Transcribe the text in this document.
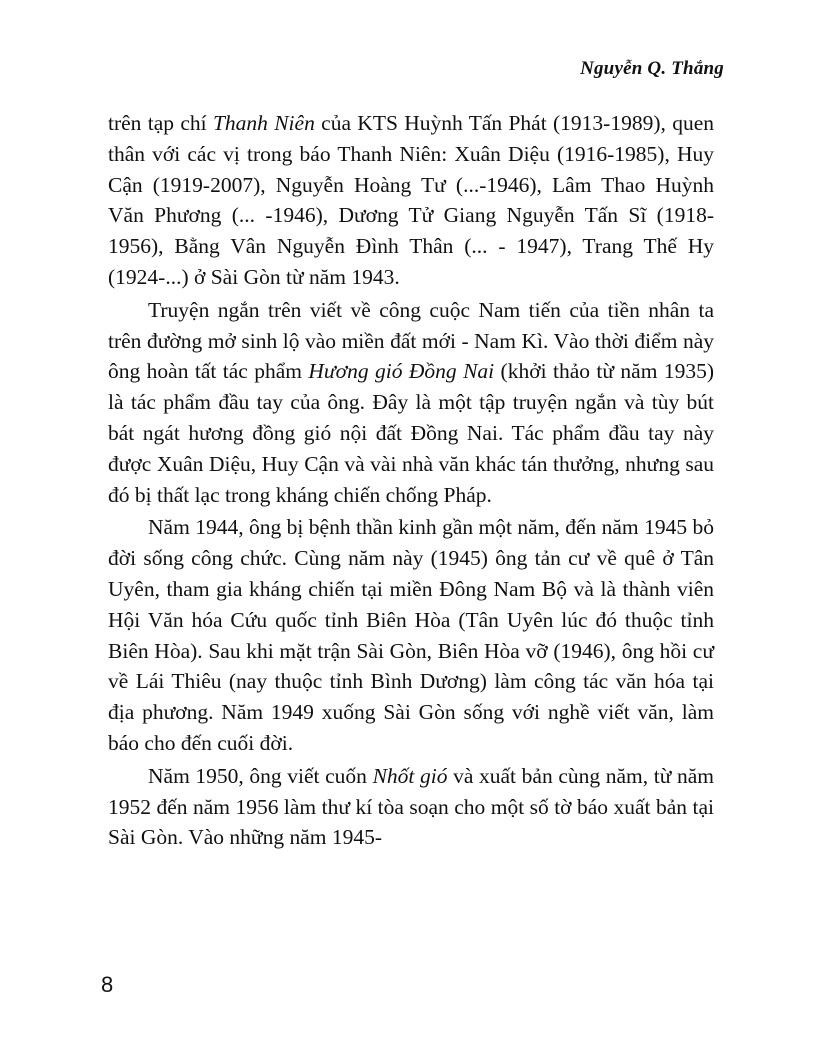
Nguyễn Q. Thắng

trên tạp chí Thanh Niên của KTS Huỳnh Tấn Phát (1913-1989), quen thân với các vị trong báo Thanh Niên: Xuân Diệu (1916-1985), Huy Cận (1919-2007), Nguyễn Hoàng Tư (...-1946), Lâm Thao Huỳnh Văn Phương (... -1946), Dương Tử Giang Nguyễn Tấn Sĩ (1918-1956), Bằng Vân Nguyễn Đình Thân (... - 1947), Trang Thế Hy (1924-...) ở Sài Gòn từ năm 1943.

Truyện ngắn trên viết về công cuộc Nam tiến của tiền nhân ta trên đường mở sinh lộ vào miền đất mới - Nam Kì. Vào thời điểm này ông hoàn tất tác phẩm Hương gió Đồng Nai (khởi thảo từ năm 1935) là tác phẩm đầu tay của ông. Đây là một tập truyện ngắn và tùy bút bát ngát hương đồng gió nội đất Đồng Nai. Tác phẩm đầu tay này được Xuân Diệu, Huy Cận và vài nhà văn khác tán thưởng, nhưng sau đó bị thất lạc trong kháng chiến chống Pháp.

Năm 1944, ông bị bệnh thần kinh gần một năm, đến năm 1945 bỏ đời sống công chức. Cùng năm này (1945) ông tản cư về quê ở Tân Uyên, tham gia kháng chiến tại miền Đông Nam Bộ và là thành viên Hội Văn hóa Cứu quốc tỉnh Biên Hòa (Tân Uyên lúc đó thuộc tỉnh Biên Hòa). Sau khi mặt trận Sài Gòn, Biên Hòa vỡ (1946), ông hồi cư về Lái Thiêu (nay thuộc tỉnh Bình Dương) làm công tác văn hóa tại địa phương. Năm 1949 xuống Sài Gòn sống với nghề viết văn, làm báo cho đến cuối đời.

Năm 1950, ông viết cuốn Nhốt gió và xuất bản cùng năm, từ năm 1952 đến năm 1956 làm thư kí tòa soạn cho một số tờ báo xuất bản tại Sài Gòn. Vào những năm 1945-

8
